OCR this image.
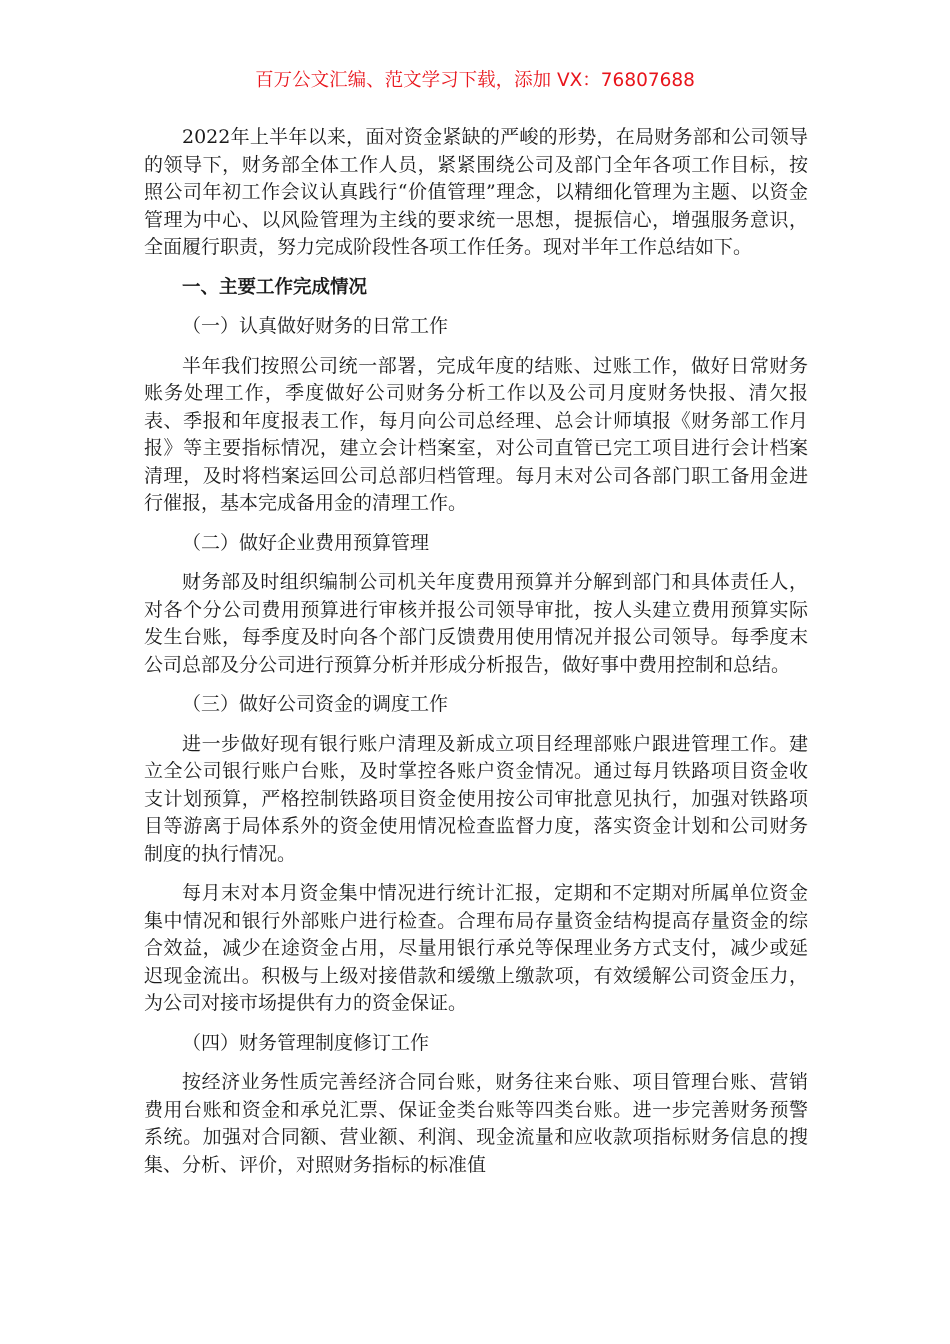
百万公文汇编、范文学习下载，添加 VX：76807688

2022年上半年以来，面对资金紧缺的严峻的形势，在局财务部和公司领导的领导下，财务部全体工作人员，紧紧围绕公司及部门全年各项工作目标，按照公司年初工作会议认真践行“价值管理”理念，以精细化管理为主题、以资金管理为中心、以风险管理为主线的要求统一思想，提振信心，增强服务意识，全面履行职责，努力完成阶段性各项工作任务。现对半年工作总结如下。

一、主要工作完成情况

（一）认真做好财务的日常工作

半年我们按照公司统一部署，完成年度的结账、过账工作，做好日常财务账务处理工作，季度做好公司财务分析工作以及公司月度财务快报、清欠报表、季报和年度报表工作，每月向公司总经理、总会计师填报《财务部工作月报》等主要指标情况，建立会计档案室，对公司直管已完工项目进行会计档案清理，及时将档案运回公司总部归档管理。每月末对公司各部门职工备用金进行催报，基本完成备用金的清理工作。

（二）做好企业费用预算管理

财务部及时组织编制公司机关年度费用预算并分解到部门和具体责任人，对各个分公司费用预算进行审核并报公司领导审批，按人头建立费用预算实际发生台账，每季度及时向各个部门反馈费用使用情况并报公司领导。每季度末公司总部及分公司进行预算分析并形成分析报告，做好事中费用控制和总结。

（三）做好公司资金的调度工作

进一步做好现有银行账户清理及新成立项目经理部账户跟进管理工作。建立全公司银行账户台账，及时掌控各账户资金情况。通过每月铁路项目资金收支计划预算，严格控制铁路项目资金使用按公司审批意见执行，加强对铁路项目等游离于局体系外的资金使用情况检查监督力度，落实资金计划和公司财务制度的执行情况。

每月末对本月资金集中情况进行统计汇报，定期和不定期对所属单位资金集中情况和银行外部账户进行检查。合理布局存量资金结构提高存量资金的综合效益，减少在途资金占用，尽量用银行承兑等保理业务方式支付，减少或延迟现金流出。积极与上级对接借款和缓缴上缴款项，有效缓解公司资金压力，为公司对接市场提供有力的资金保证。

（四）财务管理制度修订工作

按经济业务性质完善经济合同台账，财务往来台账、项目管理台账、营销费用台账和资金和承兑汇票、保证金类台账等四类台账。进一步完善财务预警系统。加强对合同额、营业额、利润、现金流量和应收款项指标财务信息的搜集、分析、评价，对照财务指标的标准值
